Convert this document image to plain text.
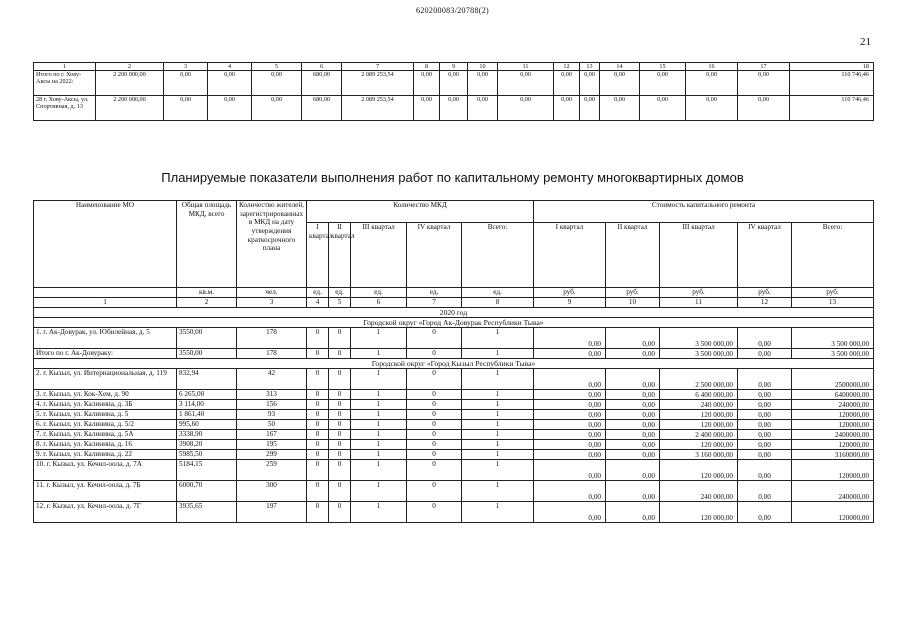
620200083/20788(2)
21
1	2	3	4	5	6	7	8	9	10	11	12	13	14	15	16	17	18
Итого по г. Хову-Аксы на 2022:	2 200 000,00	0,00	0,00	0,00	680,00	2 089 253,54	0,00	0,00	0,00	0,00	0,00	0,00	0,00	0,00	0,00	0,00	110 746,46
28 г. Хову-Аксы, ул. Спортивная, д. 13	2 200 000,00	0,00	0,00	0,00	680,00	2 089 253,54	0,00	0,00	0,00	0,00	0,00	0,00	0,00	0,00	0,00	0,00	110 746,46
Планируемые показатели выполнения работ по капитальному ремонту многоквартирных домов
Наименование МО	Общая площадь МКД, всего	Количество жителей, зарегистрированных в МКД на дату утверждения краткосрочного плана	Количество МКД					Стоимость капитального ремонта				
			I квартал	II квартал	III квартал	IV квартал	Всего:	I квартал	II квартал	III квартал	IV квартал	Всего:
	кв.м.	чел.	ед.	ед.	ед.	ед.	ед.	руб.	руб.	руб.	руб.	руб.
1	2	3	4	5	6	7	8	9	10	11	12	13
2020 год												
Городской округ «Город Ак-Довурак Республики Тыва»												
1. г. Ак-Довурак, ул. Юбилейная, д. 5	3550,00	178	0	0	1	0	1	0,00	0,00	3 500 000,00	0,00	3 500 000,00
Итого по г. Ак-Довураку:	3550,00	178	0	0	1	0	1	0,00	0,00	3 500 000,00	0,00	3 500 000,00
Городской округ «Город Кызыл Республики Тыва»												
2. г. Кызыл, ул. Интернациональная, д. 119	832,94	42	0	0	1	0	1	0,00	0,00	2 500 000,00	0,00	2500000,00
3. г. Кызыл, ул. Кок-Хем, д. 90	6 265,00	313	0	0	1	0	1	0,00	0,00	6 400 000,00	0,00	6400000,00
4. г. Кызыл, ул. Калинина, д. 3Б	3 114,00	156	0	0	1	0	1	0,00	0,00	240 000,00	0,00	240000,00
5. г. Кызыл, ул. Калинина, д. 5	1 861,40	93	0	0	1	0	1	0,00	0,00	120 000,00	0,00	120000,00
6. г. Кызыл, ул. Калинина, д. 5/2	995,60	50	0	0	1	0	1	0,00	0,00	120 000,00	0,00	120000,00
7. г. Кызыл, ул. Калинина, д. 5А	3338,90	167	0	0	1	0	1	0,00	0,00	2 400 000,00	0,00	2400000,00
8. г. Кызыл, ул. Калинина, д. 16	3908,20	195	0	0	1	0	1	0,00	0,00	120 000,00	0,00	120000,00
9. г. Кызыл, ул. Калинина, д. 22	5985,50	299	0	0	1	0	1	0,00	0,00	3 160 000,00	0,00	3160000,00
10. г. Кызыл, ул. Кечил-оола, д. 7А	5184,15	259	0	0	1	0	1	0,00	0,00	120 000,00	0,00	120000,00
11. г. Кызыл, ул. Кечил-оола, д. 7Б	6000,70	300	0	0	1	0	1	0,00	0,00	240 000,00	0,00	240000,00
12. г. Кызыл, ул. Кечил-оола, д. 7Г	3935,65	197	0	0	1	0	1	0,00	0,00	120 000,00	0,00	120000,00
